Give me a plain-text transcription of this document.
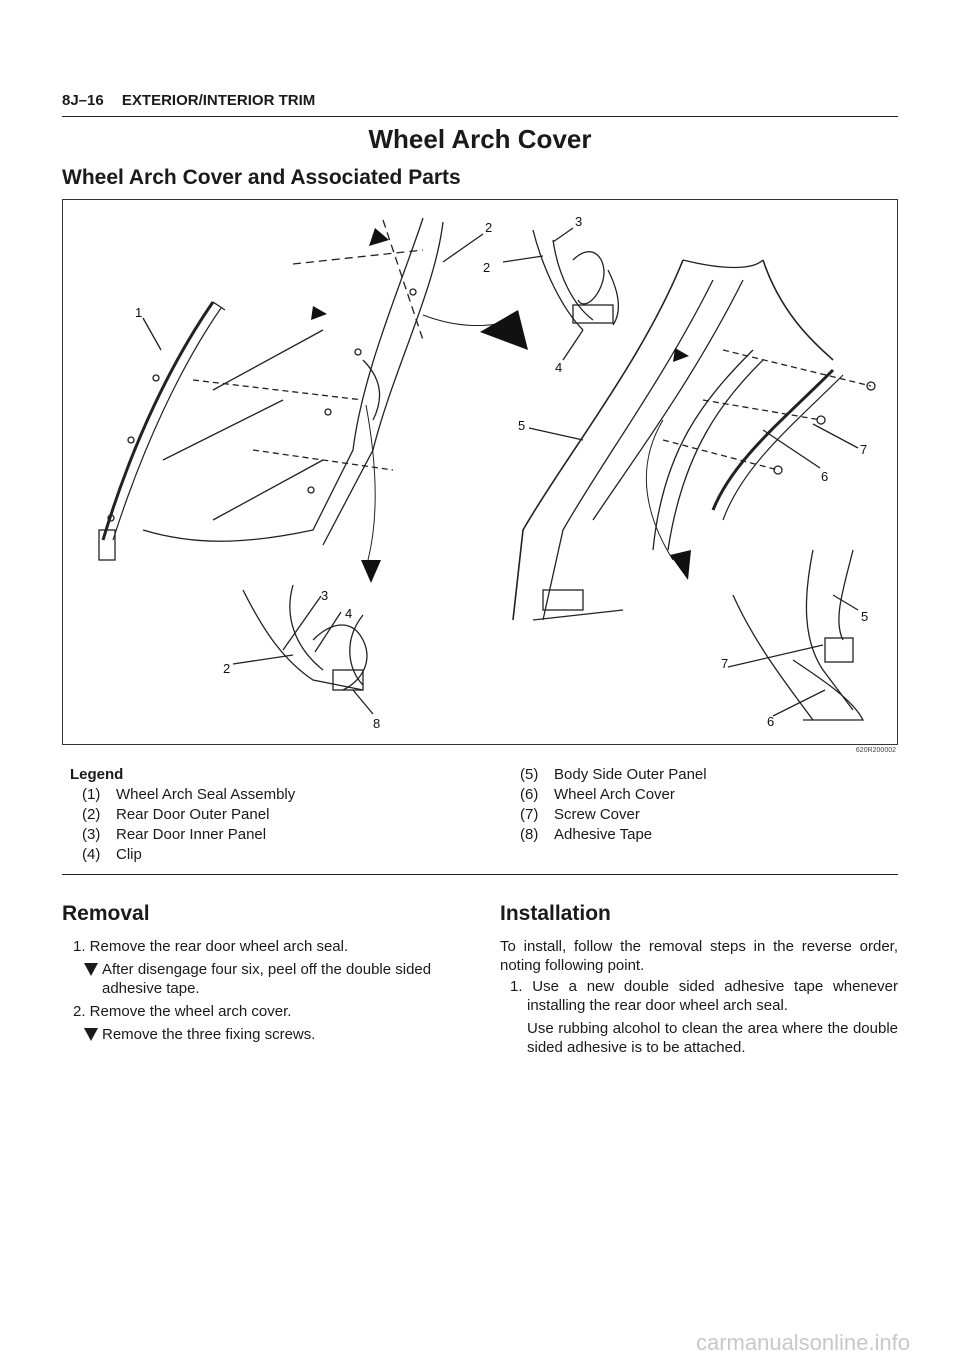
8J–16 EXTERIOR/INTERIOR TRIM
Wheel Arch Cover
Wheel Arch Cover and Associated Parts
1
2
2
3
4
5
7
6
3
4
2
8
5
7
6
620R200002
Legend
(1) Wheel Arch Seal Assembly
(2) Rear Door Outer Panel
(3) Rear Door Inner Panel
(4) Clip
(5) Body Side Outer Panel
(6) Wheel Arch Cover
(7) Screw Cover
(8) Adhesive Tape
Removal

1. Remove the rear door wheel arch seal.

After disengage four six, peel off the double sided adhesive tape.

2. Remove the wheel arch cover.

Remove the three fixing screws.

Installation

To install, follow the removal steps in the reverse order, noting following point.

1. Use a new double sided adhesive tape whenever installing the rear door wheel arch seal.

Use rubbing alcohol to clean the area where the double sided adhesive is to be attached.

carmanualsonline.info
